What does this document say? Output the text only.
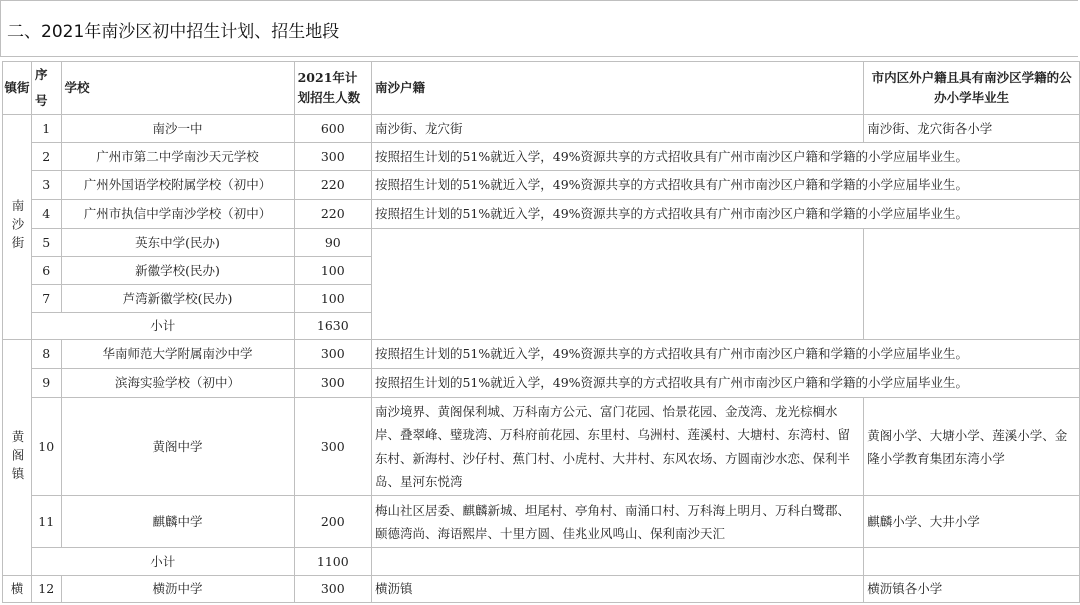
二、2021年南沙区初中招生计划、招生地段
镇街	序号	学校	2021年计划招生人数	南沙户籍	市内区外户籍且具有南沙区学籍的公办小学毕业生
南沙街	1	南沙一中	600	南沙街、龙穴街	南沙街、龙穴街各小学
	2	广州市第二中学南沙天元学校	300	按照招生计划的51%就近入学，49%资源共享的方式招收具有广州市南沙区户籍和学籍的小学应届毕业生。	
	3	广州外国语学校附属学校（初中）	220	按照招生计划的51%就近入学，49%资源共享的方式招收具有广州市南沙区户籍和学籍的小学应届毕业生。	
	4	广州市执信中学南沙学校（初中）	220	按照招生计划的51%就近入学，49%资源共享的方式招收具有广州市南沙区户籍和学籍的小学应届毕业生。	
	5	英东中学(民办)	90		
	6	新徽学校(民办)	100		
	7	芦湾新徽学校(民办)	100		
	小计		1630		
黄阁镇	8	华南师范大学附属南沙中学	300	按照招生计划的51%就近入学，49%资源共享的方式招收具有广州市南沙区户籍和学籍的小学应届毕业生。	
	9	滨海实验学校（初中）	300	按照招生计划的51%就近入学，49%资源共享的方式招收具有广州市南沙区户籍和学籍的小学应届毕业生。	
	10	黄阁中学	300	南沙境界、黄阁保利城、万科南方公元、富门花园、怡景花园、金茂湾、龙光棕榈水岸、叠翠峰、璧珑湾、万科府前花园、东里村、乌洲村、莲溪村、大塘村、东湾村、留东村、新海村、沙仔村、蕉门村、小虎村、大井村、东风农场、方圆南沙水恋、保利半岛、星河东悦湾	黄阁小学、大塘小学、莲溪小学、金隆小学教育集团东湾小学
	11	麒麟中学	200	梅山社区居委、麒麟新城、坦尾村、亭角村、南涌口村、万科海上明月、万科白鹭郡、颐德湾尚、海语熙岸、十里方圆、佳兆业风鸣山、保利南沙天汇	麒麟小学、大井小学
	小计		1100		
横	12	横沥中学	300	横沥镇	横沥镇各小学
